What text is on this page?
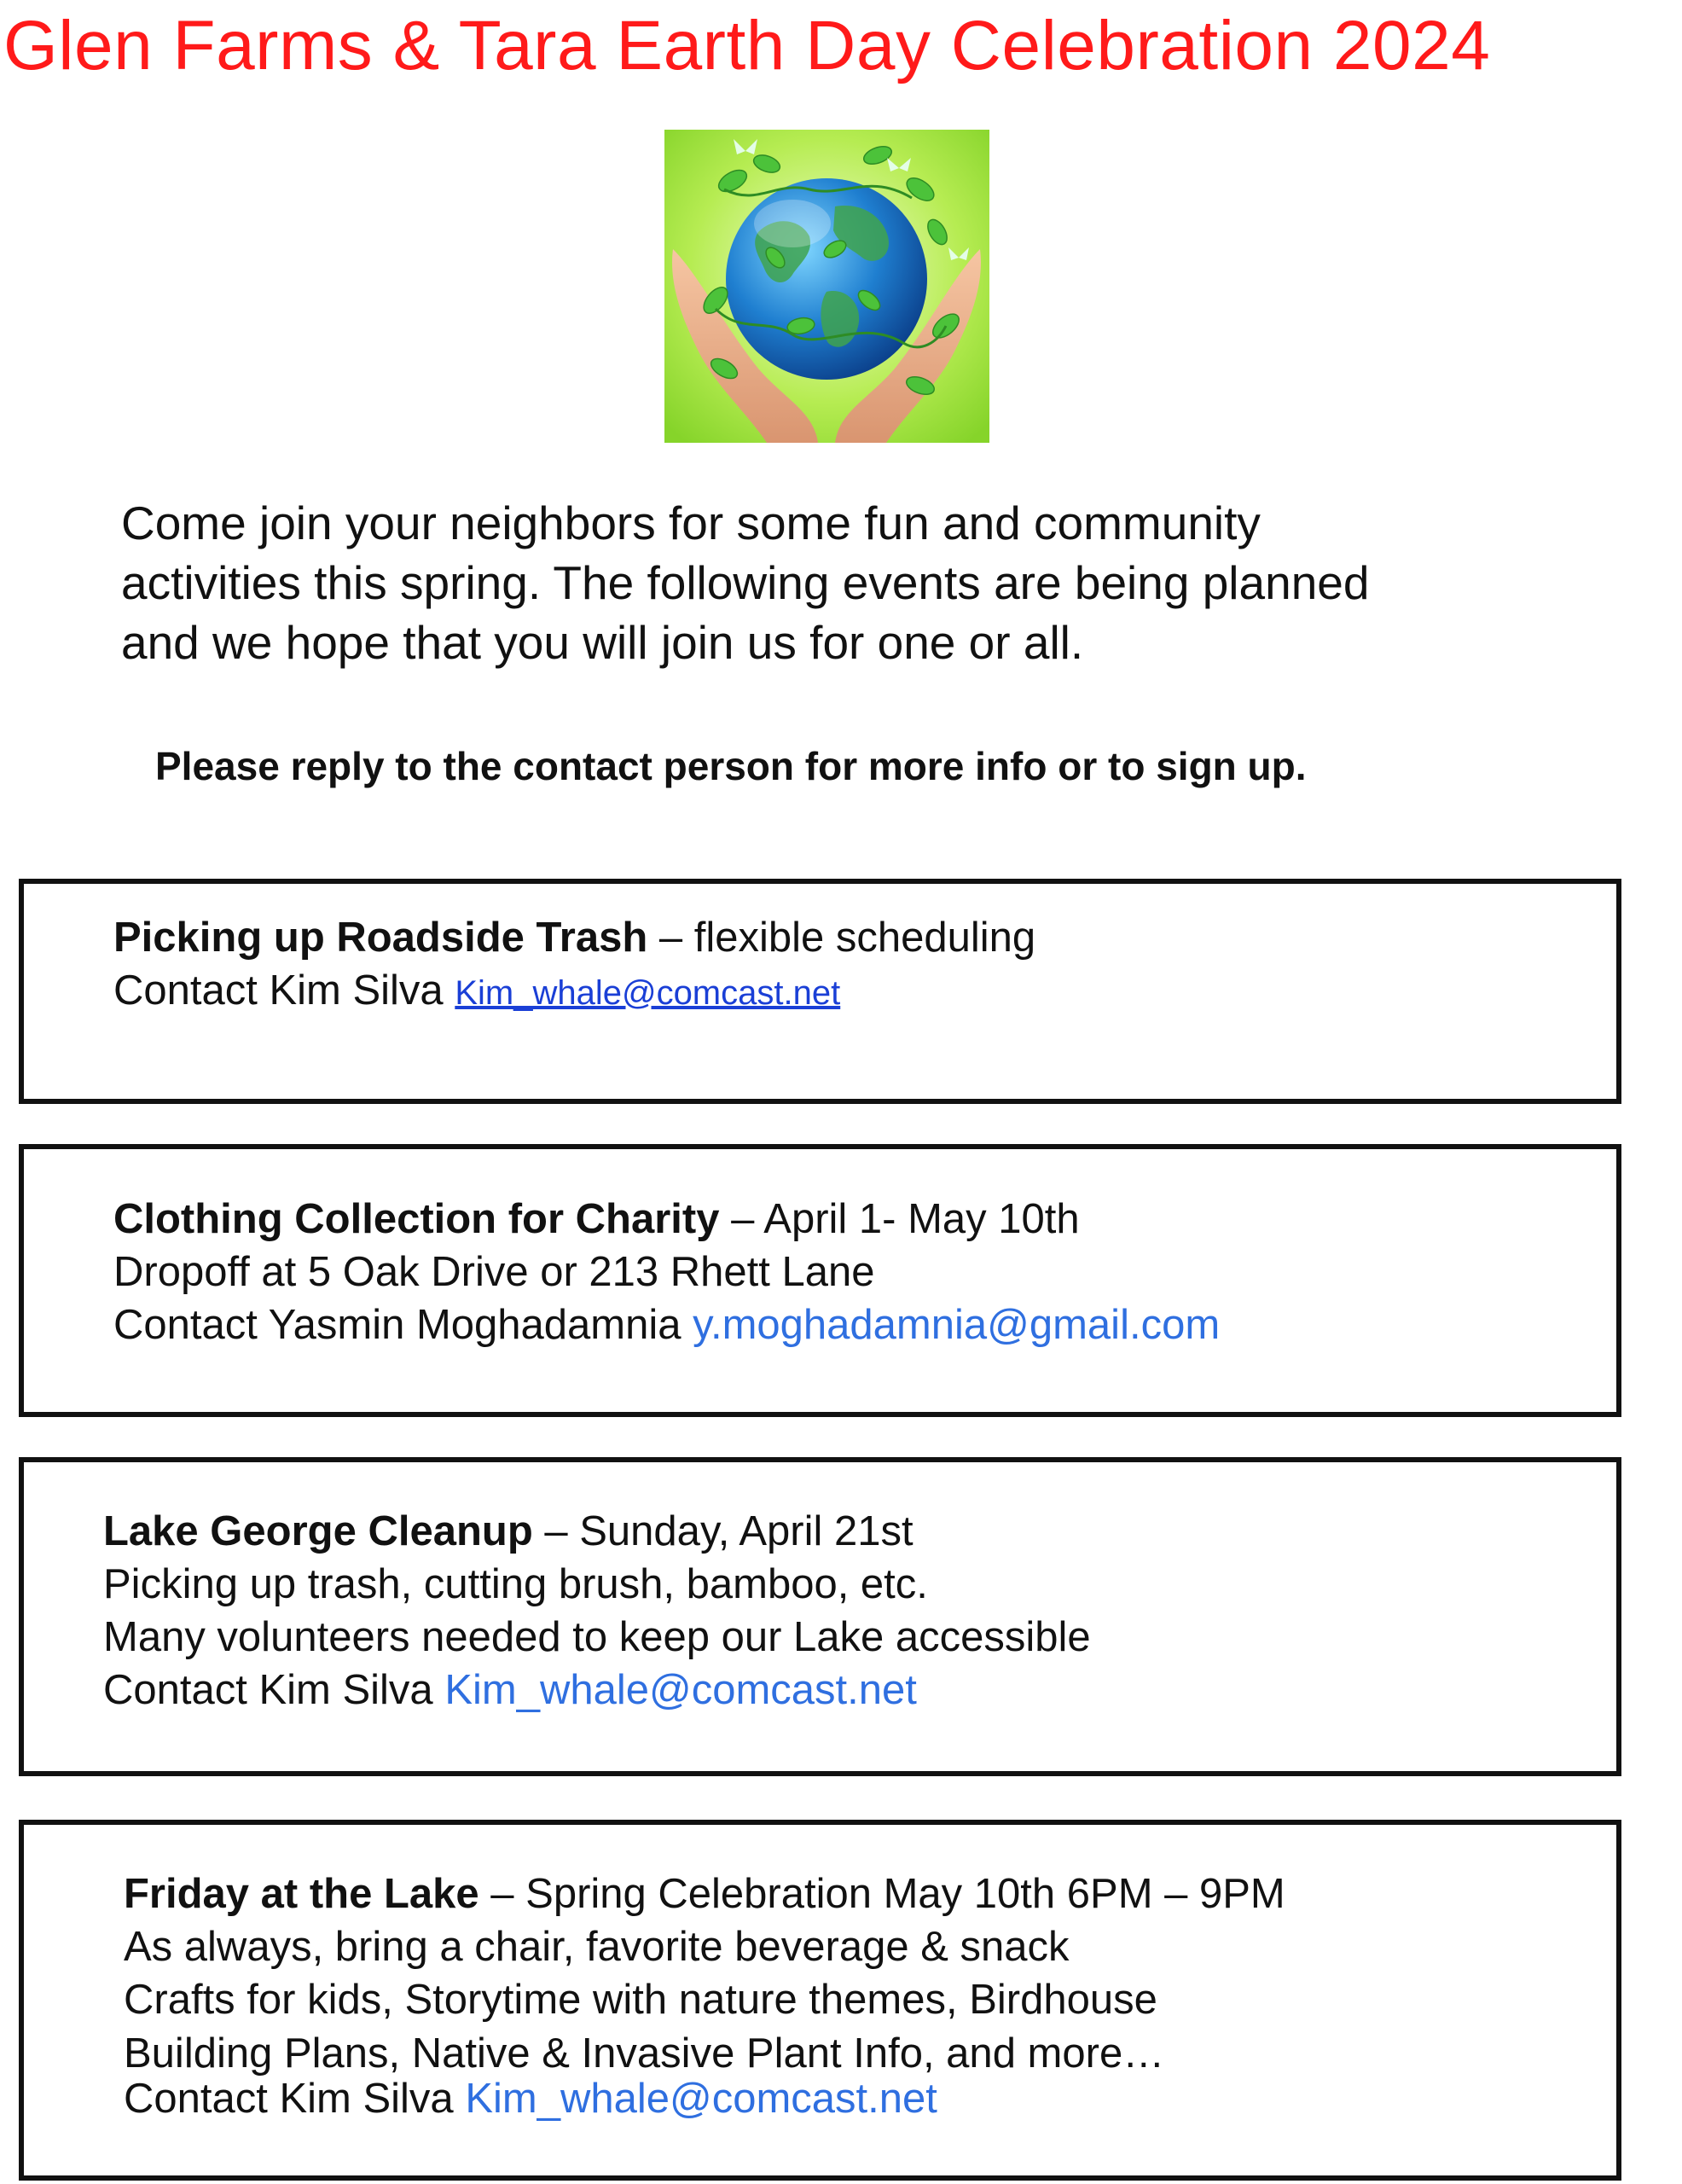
Glen Farms & Tara Earth Day Celebration 2024
Come join your neighbors for some fun and community
activities this spring. The following events are being planned
and we hope that you will join us for one or all.
Please reply to the contact person for more info or to sign up.
Picking up Roadside Trash – flexible scheduling
Contact Kim Silva Kim_whale@comcast.net
Clothing Collection for Charity – April 1- May 10th
Dropoff at 5 Oak Drive or 213 Rhett Lane
Contact Yasmin Moghadamnia y.moghadamnia@gmail.com
Lake George Cleanup – Sunday, April 21st
Picking up trash, cutting brush, bamboo, etc.
Many volunteers needed to keep our Lake accessible
Contact Kim Silva Kim_whale@comcast.net
Friday at the Lake – Spring Celebration May 10th 6PM – 9PM
As always, bring a chair, favorite beverage & snack
Crafts for kids, Storytime with nature themes, Birdhouse
Building Plans, Native & Invasive Plant Info, and more…
Contact Kim Silva Kim_whale@comcast.net
